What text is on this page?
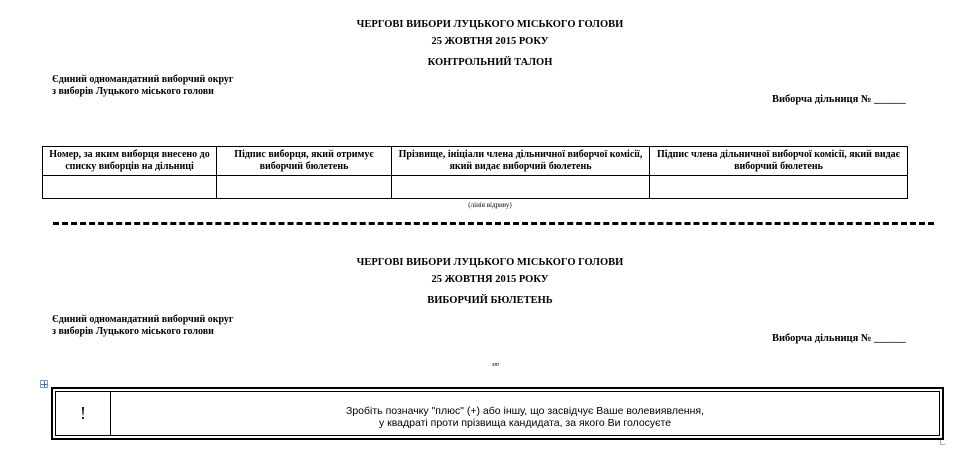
ЧЕРГОВІ ВИБОРИ ЛУЦЬКОГО МІСЬКОГО ГОЛОВИ
25 ЖОВТНЯ 2015 РОКУ
КОНТРОЛЬНИЙ ТАЛОН
Єдиний одномандатний виборчий округ
з виборів Луцького міського голови
Виборча дільниця № ______
Номер, за яким виборця внесено до списку виборців на дільниці	Підпис виборця, який отримує виборчий бюлетень	Прізвище, ініціали члена дільничної виборчої комісії, який видає виборчий бюлетень	Підпис члена дільничної виборчої комісії, який видає виборчий бюлетень

(лінія відриву)
ЧЕРГОВІ ВИБОРИ ЛУЦЬКОГО МІСЬКОГО ГОЛОВИ
25 ЖОВТНЯ 2015 РОКУ
ВИБОРЧИЙ БЮЛЕТЕНЬ
Єдиний одномандатний виборчий округ
з виборів Луцького міського голови
Виборча дільниця № ______
мп
!	Зробіть позначку "плюс" (+) або іншу, що засвідчує Ваше волевиявлення,
у квадраті проти прізвища кандидата, за якого Ви голосуєте
